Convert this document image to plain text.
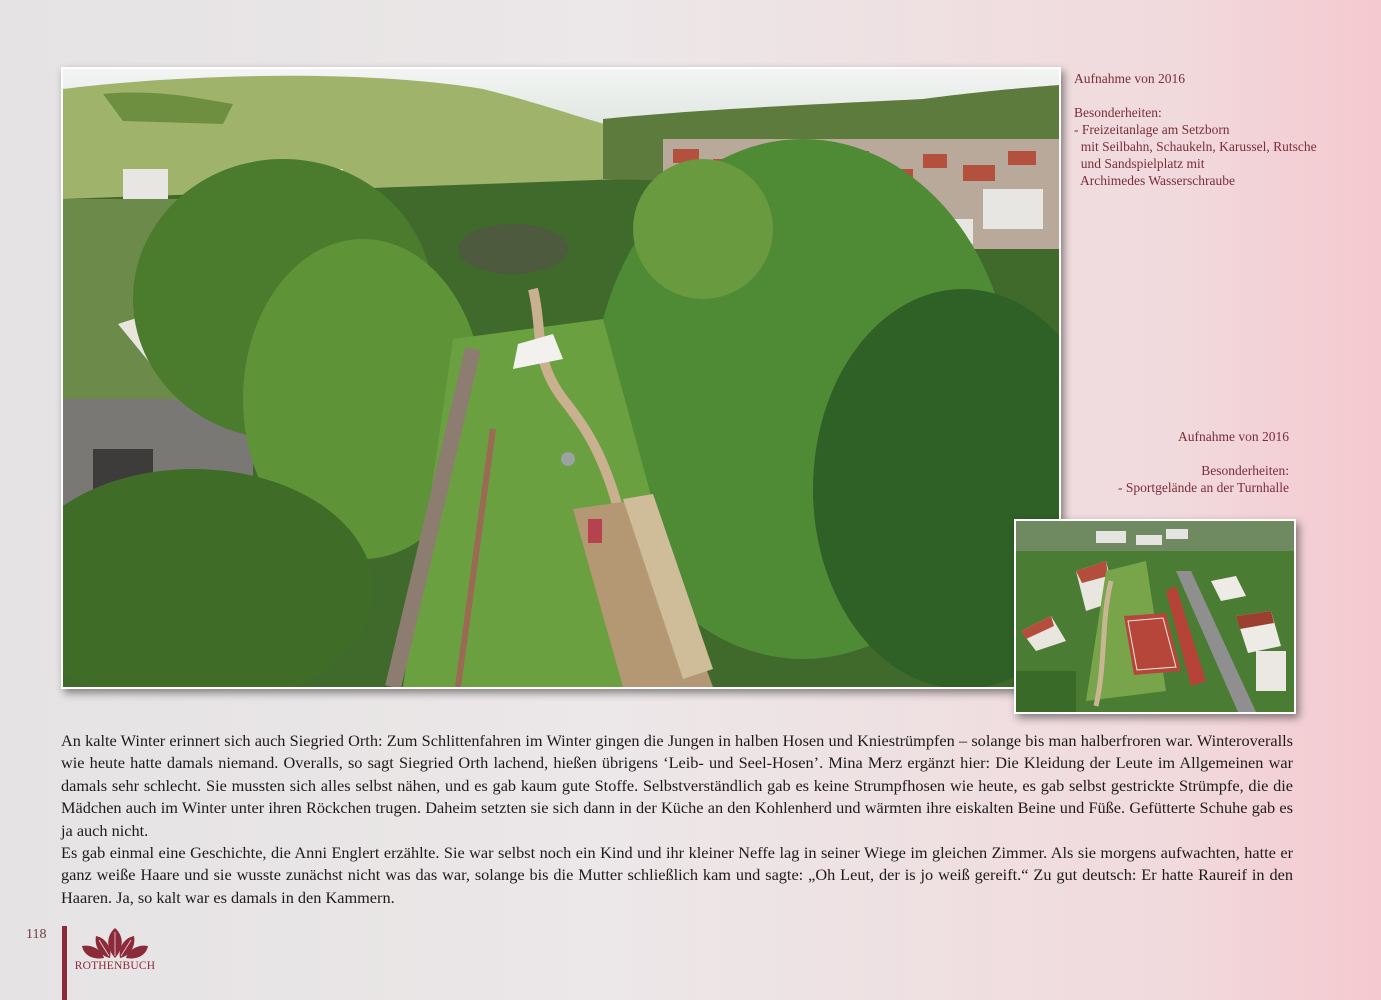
Aufnahme von 2016

Besonderheiten:
- Freizeitanlage am Setzborn
mit Seilbahn, Schaukeln, Karussel, Rutsche
und Sandspielplatz mit
Archimedes Wasserschraube
Aufnahme von 2016

Besonderheiten:
- Sportgelände an der Turnhalle

An kalte Winter erinnert sich auch Siegried Orth: Zum Schlittenfahren im Winter gingen die Jungen in halben Hosen und Kniestrümpfen – solange bis man halberfroren war. Winteroveralls wie heute hatte damals niemand. Overalls, so sagt Siegried Orth lachend, hießen übrigens ‘Leib- und Seel-Hosen’. Mina Merz ergänzt hier: Die Kleidung der Leute im Allgemeinen war damals sehr schlecht. Sie mussten sich alles selbst nähen, und es gab kaum gute Stoffe. Selbstverständlich gab es keine Strumpfhosen wie heute, es gab selbst gestrickte Strümpfe, die die Mädchen auch im Winter unter ihren Röckchen trugen. Daheim setzten sie sich dann in der Küche an den Kohlenherd und wärmten ihre eiskalten Beine und Füße. Gefütterte Schuhe gab es ja auch nicht.

Es gab einmal eine Geschichte, die Anni Englert erzählte. Sie war selbst noch ein Kind und ihr kleiner Neffe lag in seiner Wiege im gleichen Zimmer. Als sie morgens aufwachten, hatte er ganz weiße Haare und sie wusste zunächst nicht was das war, solange bis die Mutter schließlich kam und sagte: „Oh Leut, der is jo weiß gereift.“ Zu gut deutsch: Er hatte Raureif in den Haaren. Ja, so kalt war es damals in den Kammern.

118
ROTHENBUCH
